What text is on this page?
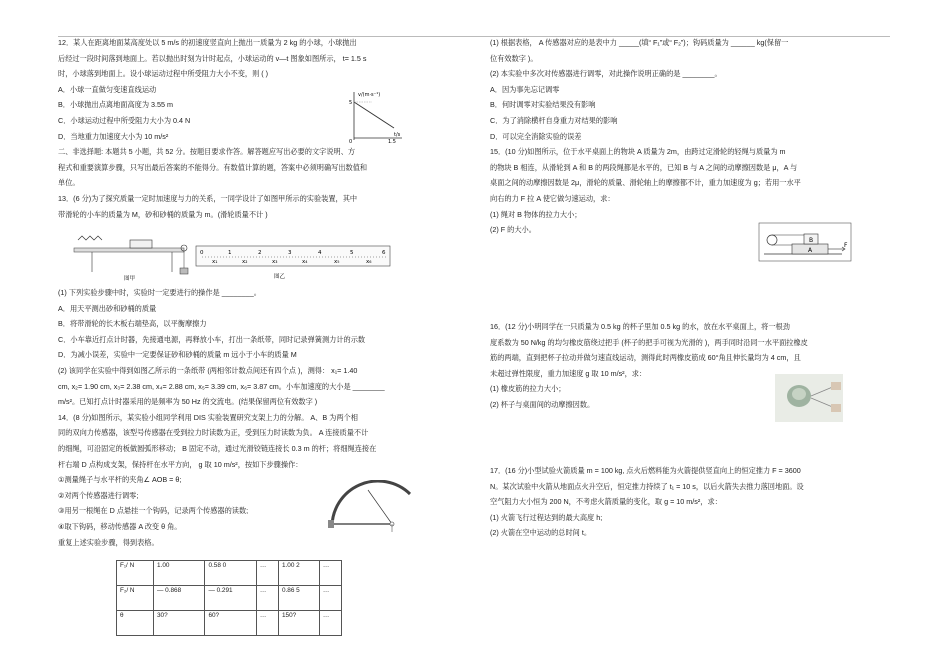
12．某人在距离地面某高度处以 5 m/s 的初速度竖直向上抛出一质量为 2 kg 的小球，小球抛出
后经过一段时间落到地面上。若以抛出时刻为计时起点，小球运动的 v—t 图象如图所示， t= 1.5 s
时，小球落到地面上。设小球运动过程中所受阻力大小不变，则 ( )
A．小球一直做匀变速直线运动
B．小球抛出点离地面高度为 3.55 m
C．小球运动过程中所受阻力大小为 0.4 N
D．当地重力加速度大小为 10 m/s²
二、非选择题: 本题共 5 小题，共 52 分。按题目要求作答。解答题应写出必要的文字说明、方
程式和重要演算步骤，只写出最后答案的不能得分。有数值计算的题，答案中必须明确写出数值和
单位。
13．(6 分)为了探究质量一定时加速度与力的关系，一同学设计了如图甲所示的实验装置，其中
带滑轮的小车的质量为 M，砂和砂桶的质量为 m。(滑轮质量不计 )
v/(m·s⁻¹)
t/s
5
0	1.5
图甲
0	1	2	3	4	5	6
x₁	x₂	x₃	x₄	x₅	x₆
图乙
(1) 下列实验步骤中时，实验时一定要进行的操作是 ________。
A．用天平测出砂和砂桶的质量
B．将带滑轮的长木板右端垫高，以平衡摩擦力
C．小车靠近打点计时器，先接通电源，再释放小车，打出一条纸带，同时记录弹簧测力计的示数
D．为减小误差，实验中一定要保证砂和砂桶的质量 m 远小于小车的质量 M
(2) 该同学在实验中得到如图乙所示的一条纸带 (两相邻计数点间还有四个点 )，测得： x₁= 1.40
cm, x₂= 1.90 cm, x₃= 2.38 cm, x₄= 2.88 cm, x₅= 3.39 cm, x₆= 3.87 cm。小车加速度的大小是 ________
m/s²。已知打点计时器采用的是频率为 50 Hz 的交流电。(结果保留两位有效数字 )
14．(8 分)如图所示，某实验小组同学利用 DIS 实验装置研究支架上力的分解。 A、B 为两个相
同的双向力传感器，该型号传感器在受到拉力时读数为正，受到压力时读数为负。 A 连接质量不计
的细绳，可沿固定的板做圆弧形移动； B 固定不动，通过光滑铰链连接长 0.3 m 的杆；将细绳连接在
杆右端 D 点构成支架，保持杆在水平方向， g 取 10 m/s²，按如下步骤操作：
①测量绳子与水平杆的夹角∠ AOB = θ;
②对两个传感器进行调零;
③用另一根绳在 D 点悬挂一个钩码，记录两个传感器的读数;
④取下钩码，移动传感器 A 改变 θ 角。
重复上述实验步骤，得到表格。
F₁/ N	1.00	0.58 0	…	1.00 2	…
F₂/ N	— 0.868	— 0.291	…	0.86 5	…
θ	30?	60?	…	150?	…
(1) 根据表格， A 传感器对应的是表中力 _____(填“ F₁”或“ F₂”)；钩码质量为 ______ kg(保留一
位有效数字 )。
(2) 本实验中多次对传感器进行调零，对此操作说明正确的是 ________。
A．因为事先忘记调零
B．何时调零对实验结果没有影响
C．为了消除横杆自身重力对结果的影响
D．可以完全消除实验的误差
15．(10 分)如图所示，位于水平桌面上的物块 A 质量为 2m，由跨过定滑轮的轻绳与质量为 m
的物块 B 相连，从滑轮到 A 和 B 的两段绳都是水平的，已知 B 与 A 之间的动摩擦因数是 μ，A 与
桌面之间的动摩擦因数是 2μ，滑轮的质量、滑轮轴上的摩擦都不计，重力加速度为 g；若用一水平
向右的力 F 拉 A 使它做匀速运动，求：
(1) 绳对 B 物体的拉力大小；
(2) F 的大小。
B
A
F
16．(12 分)小明同学在一只质量为 0.5 kg 的杯子里加 0.5 kg 的水，放在水平桌面上，将一根劲
度系数为 50 N/kg 的均匀橡皮筋绕过把手 (杯子的把手可视为光滑的 )，两手同时沿同一水平面拉橡皮
筋的两端，直到把杯子拉动并做匀速直线运动，测得此时两橡皮筋成 60°角且伸长量均为 4 cm，且
未超过弹性限度，重力加速度 g 取 10 m/s²，求：
(1) 橡皮筋的拉力大小；
(2) 杯子与桌面间的动摩擦因数。
17．(16 分)小型试验火箭质量 m = 100 kg, 点火后燃料能为火箭提供竖直向上的恒定推力 F = 3600
N。某次试验中火箭从地面点火升空后，恒定推力持续了 t₁ = 10 s，以后火箭失去推力落回地面。设
空气阻力大小恒为 200 N，不考虑火箭质量的变化，取 g = 10 m/s²，求：
(1) 火箭飞行过程达到的最大高度 h;
(2) 火箭在空中运动的总时间 t。
